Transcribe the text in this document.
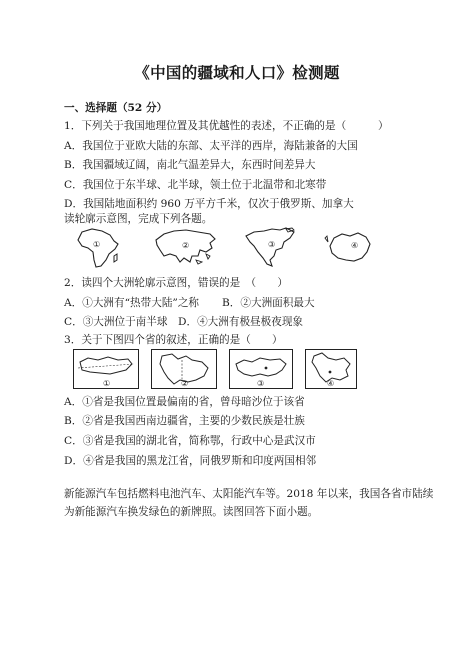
《中国的疆域和人口》检测题
一、选择题（52 分）
1．下列关于我国地理位置及其优越性的表述，不正确的是（　　　）
A．我国位于亚欧大陆的东部、太平洋的西岸，海陆兼备的大国
B．我国疆域辽阔，南北气温差异大，东西时间差异大
C．我国位于东半球、北半球，领土位于北温带和北寒带
D．我国陆地面积约 960 万平方千米，仅次于俄罗斯、加拿大
读轮廓示意图，完成下列各题。
①	②	③	④
2．读四个大洲轮廓示意图，错误的是　（　　）
A．①大洲有“热带大陆”之称 B．②大洲面积最大
C．③大洲位于南半球 D．④大洲有极昼极夜现象
3．关于下图四个省的叙述，正确的是（　　）
①	②	③	④
A．①省是我国位置最偏南的省，曾母暗沙位于该省
B．②省是我国西南边疆省，主要的少数民族是壮族
C．③省是我国的湖北省，简称鄂，行政中心是武汉市
D．④省是我国的黑龙江省，同俄罗斯和印度两国相邻
新能源汽车包括燃料电池汽车、太阳能汽车等。2018 年以来，我国各省市陆续
为新能源汽车换发绿色的新牌照。读图回答下面小题。
